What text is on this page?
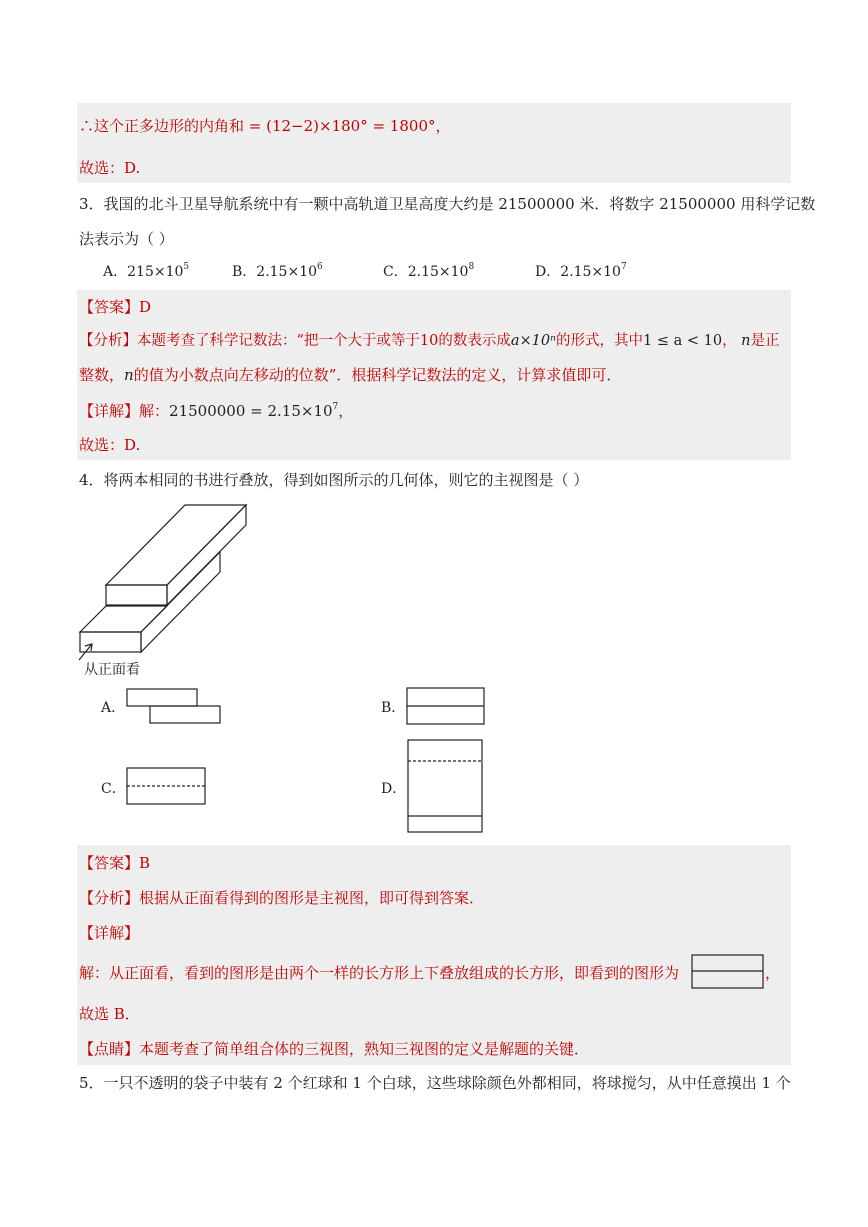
∴这个正多边形的内角和 = (12−2)×180° = 1800°，
故选：D.
3．我国的北斗卫星导航系统中有一颗中高轨道卫星高度大约是 21500000 米．将数字 21500000 用科学记数
法表示为（ ）
A．$215\times 10^5$	B．$2.15\times 10^6$	C．$2.15\times 10^8$	D．$2.15\times 10^7$
【答案】D
【分析】本题考查了科学记数法：“把一个大于或等于10的数表示成a×10ⁿ的形式，其中1 ≤ a < 10， n是正
整数，n的值为小数点向左移动的位数”．根据科学记数法的定义，计算求值即可．
【详解】解：$21500000 = 2.15\times 10^7$，
故选：D.
4．将两本相同的书进行叠放，得到如图所示的几何体，则它的主视图是（ ）
从正面看
A．	B．
C．	D．
【答案】B
【分析】根据从正面看得到的图形是主视图，即可得到答案．
【详解】
解：从正面看，看到的图形是由两个一样的长方形上下叠放组成的长方形，即看到的图形为	，
故选 B．
【点睛】本题考查了简单组合体的三视图，熟知三视图的定义是解题的关键．
5．一只不透明的袋子中装有 2 个红球和 1 个白球，这些球除颜色外都相同，将球搅匀，从中任意摸出 1 个
